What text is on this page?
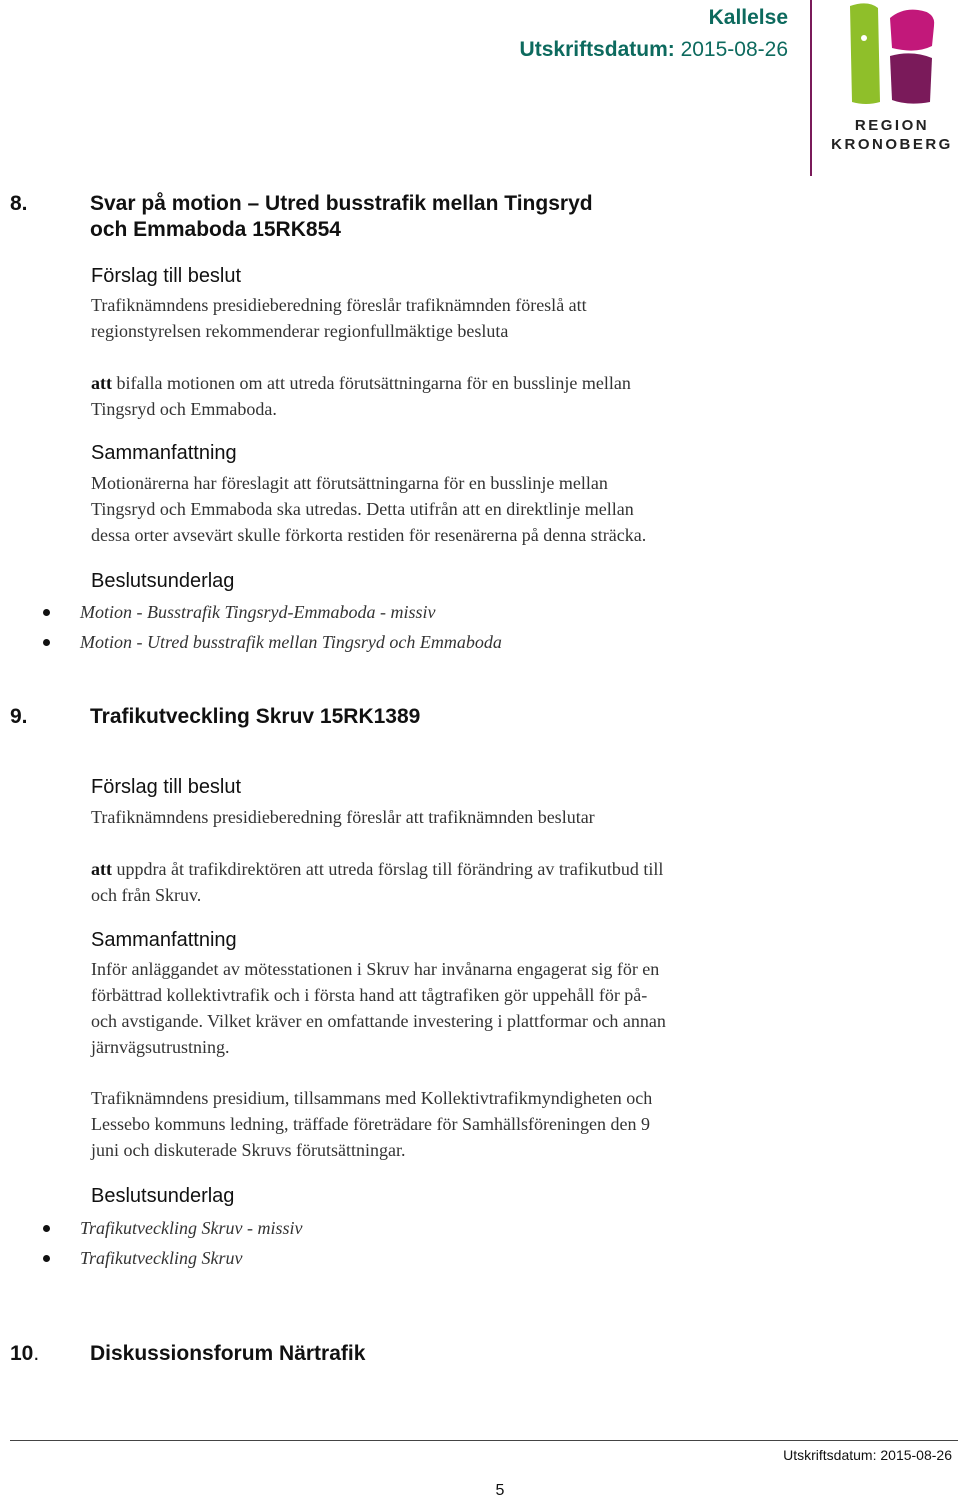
Kallelse
Utskriftsdatum: 2015-08-26
REGION
KRONOBERG
8.	Svar på motion – Utred busstrafik mellan Tingsryd
och Emmaboda 15RK854
Förslag till beslut
Trafiknämndens presidieberedning föreslår trafiknämnden föreslå att
regionstyrelsen rekommenderar regionfullmäktige besluta
att bifalla motionen om att utreda förutsättningarna för en busslinje mellan
Tingsryd och Emmaboda.
Sammanfattning
Motionärerna har föreslagit att förutsättningarna för en busslinje mellan
Tingsryd och Emmaboda ska utredas. Detta utifrån att en direktlinje mellan
dessa orter avsevärt skulle förkorta restiden för resenärerna på denna sträcka.
Beslutsunderlag
Motion - Busstrafik Tingsryd-Emmaboda - missiv
Motion - Utred busstrafik mellan Tingsryd och Emmaboda
9.	Trafikutveckling Skruv 15RK1389
Förslag till beslut
Trafiknämndens presidieberedning föreslår att trafiknämnden beslutar
att uppdra åt trafikdirektören att utreda förslag till förändring av trafikutbud till
och från Skruv.
Sammanfattning
Inför anläggandet av mötesstationen i Skruv har invånarna engagerat sig för en
förbättrad kollektivtrafik och i första hand att tågtrafiken gör uppehåll för på-
och avstigande. Vilket kräver en omfattande investering i plattformar och annan
järnvägsutrustning.
Trafiknämndens presidium, tillsammans med Kollektivtrafikmyndigheten och
Lessebo kommuns ledning, träffade företrädare för Samhällsföreningen den 9
juni och diskuterade Skruvs förutsättningar.
Beslutsunderlag
Trafikutveckling Skruv - missiv
Trafikutveckling Skruv
10. Diskussionsforum Närtrafik
Utskriftsdatum: 2015-08-26
5
